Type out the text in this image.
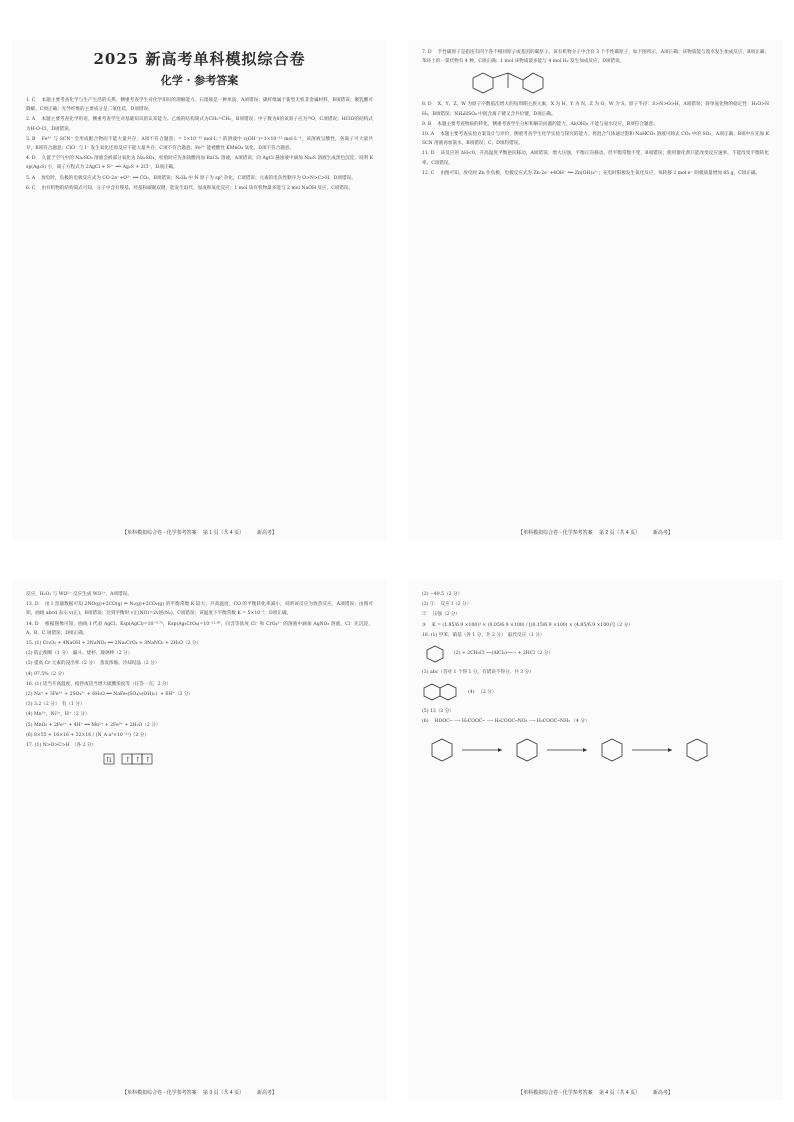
2025 新高考单科模拟综合卷
化学 · 参考答案
1. C 　本题主要考查化学与生产生活的关系，侧重考查学生对化学知识的理解能力。石墨烯是一种单质，A项错误；碳纤维属于新型无机非金属材料，B项错误；聚乳酸可降解，C项正确；光导纤维的主要成分是二氧化硅，D项错误。
2. A 　本题主要考查化学用语，侧重考查学生对基础知识的认知能力。乙烯的结构简式为CH₂=CH₂，B项错误；中子数为8的氧原子应为¹⁶O，C项错误；HClO的结构式为H-O-Cl，D项错误。
3. B 　Fe³⁺ 与 SCN⁻ 会形成配合物而不能大量共存，A项不符合题意；= 1×10⁻¹² mol·L⁻¹ 的溶液中 c(OH⁻)=1×10⁻¹² mol·L⁻¹，该溶液呈酸性，各离子可大量共存，B项符合题意；ClO⁻ 与 I⁻ 发生氧化还原反应不能大量共存，C项不符合题意；Fe²⁺ 能被酸性 KMnO₄ 氧化，D项不符合题意。
4. D 　久置于空气中的 Na₂SO₃ 溶液会被部分氧化为 Na₂SO₄，检验时应先加盐酸再加 BaCl₂ 溶液，A项错误；向 AgCl 悬浊液中滴加 Na₂S 溶液生成黑色沉淀，说明 Ksp(Ag₂S) 小，离子方程式为 2AgCl + S²⁻ ══ Ag₂S + 2Cl⁻，D项正确。
5. A 　放电时，负极的电极反应式为 CO-2e⁻+O²⁻ ══ CO₂，B项错误；N₂H₄ 中 N 原子为 sp³ 杂化，C项错误；元素的电负性顺序为 O>N>C>H，D项错误。
6. C 　由有机物的结构简式可知，分子中含有羧基、羟基和碳碳双键，能发生取代、加成和氧化反应；1 mol 该有机物最多能与 2 mol NaOH 反应，C项错误。
【单科模拟综合卷 · 化学参考答案 　第 1 页（共 4 页） 　　 新高考】
7. D 　手性碳原子是指连有四个各不相同原子或基团的碳原子。该有机物分子中含有 3 个手性碳原子，如下图所示，A项正确；该物质能与溴水发生加成反应，B项正确；苯环上的一氯代物有 4 种，C项正确；1 mol 该物质最多能与 4 mol H₂ 发生加成反应，D项错误。
8. D 　X、Y、Z、W 为原子序数依次增大的短周期主族元素，X 为 H，Y 为 N，Z 为 O，W 为 S。原子半径：S>N>O>H，A项错误；简单氢化物的稳定性：H₂O>NH₃，B项错误；NH₄HSO₄ 中既含离子键又含共价键，D项正确。
9. B 　本题主要考查物质的转化，侧重考查学生分析和解决问题的能力。Al(OH)₃ 不能与氨水反应，B项符合题意。
10. A 　本题主要考查实验方案设计与评价，侧重考查学生化学实验与探究的能力。将混合气体通过饱和 NaHCO₃ 溶液可除去 CO₂ 中的 SO₂，A项正确；B项中应先加 KSCN 溶液再加氯水，B项错误；C、D项均错误。
11. D 　该反应的 ΔH<0，升高温度平衡逆向移动，A项错误；增大压强，平衡正向移动，但平衡常数不变，B项错误；使用催化剂只能改变反应速率，不能改变平衡转化率，C项错误。
12. C 　由图可知，放电时 Zn 作负极，电极反应式为 Zn-2e⁻+4OH⁻ ══ Zn(OH)₄²⁻；充电时阳极发生氧化反应，每转移 2 mol e⁻ 阴极质量增加 65 g，C项正确。
【单科模拟综合卷 · 化学参考答案 　第 2 页（共 4 页） 　　 新高考】
反应，H₂O₂ 与 WO²⁻ 反应生成 WO²⁺，A项错误。
13. D 　由 Ⅰ 容器数据可知 2NO(g)+2CO(g) ⇌ N₂(g)+2CO₂(g) 的平衡常数 K 较大；升高温度，CO 的平衡转化率减小，说明该反应为放热反应，A项错误；由图可知，曲线 abcd 表示 v(正)，B项错误；达到平衡时 v正(NO)=2v逆(N₂)，C项错误；该温度下平衡常数 K = 5×10⁻³，D项正确。
14. D 　根据图像可知，曲线 Ⅰ 代表 AgCl，Ksp(AgCl)=10⁻⁹·⁷⁵，Ksp(Ag₂CrO₄)=10⁻¹¹·⁹⁵，向含等浓度 Cl⁻ 和 CrO₄²⁻ 的溶液中滴加 AgNO₃ 溶液，Cl⁻ 先沉淀，A、B、C 项错误；D项正确。
15. (1) Cr₂O₃ + 4NaOH + 3NaNO₃ ══ 2Na₂CrO₄ + 3NaNO₂ + 2H₂O（2 分）
(2) 防止倒吸（1 分）　漏斗、烧杯、玻璃棒（2 分）
(3) 提高 Cr 元素的浸出率（2 分）　蒸发浓缩、冷却结晶（2 分）
(4) 97.5%（2 分）
16. (1) 适当升高温度、搅拌或适当增大硫酸浓度等（任答一点，2 分）
(2) Na⁺ + 3Fe³⁺ + 2SO₄²⁻ + 6H₂O ══ NaFe₃(SO₄)₂(OH)₆↓ + 6H⁺（2 分）
(3) 3.2（2 分）　有（1 分）
(4) Mn²⁺、Ni²⁺、H⁺（2 分）
(5) MnO₂ + 2Fe²⁺ + 4H⁺ ══ Mn²⁺ + 2Fe³⁺ + 2H₂O（2 分）
(6) 8×55 + 16×16 + 32×16 / (N_A·a³×10⁻²¹)（2 分）
17. (1) N>O>C>H　（各 2 分）
⇅ ↑ ↑ ↑
【单科模拟综合卷 · 化学参考答案 　第 3 页（共 4 页） 　　 新高考】
(2) −49.5（2 分）
(3) ① 　反应 Ⅰ（2 分）
② 　压强（2 分）
③ 　K = (1.85/6.9 ×100)³ × (0.05/6.9 ×100) / [(0.15/6.9 ×100) × (4.85/6.9 ×100)²]（2 分）
18. (1) 甲苯；硝基（各 1 分，共 2 分）　取代反应（1 分）
(2) + 2CH₃Cl ──(AlCl₃)──→ + 2HCl（2 分）
(3) abc（答对 1 个得 1 分，有错误不得分，共 3 分）
(4) 　（2 分）
(5) 13（2 分）
(6) 　HOOC─ ⟶ H₃COOC─ ⟶ H₃COOC─NO₂ ⟶ H₃COOC─NH₂ （4 分）
【单科模拟综合卷 · 化学参考答案 　第 4 页（共 4 页） 　　 新高考】
